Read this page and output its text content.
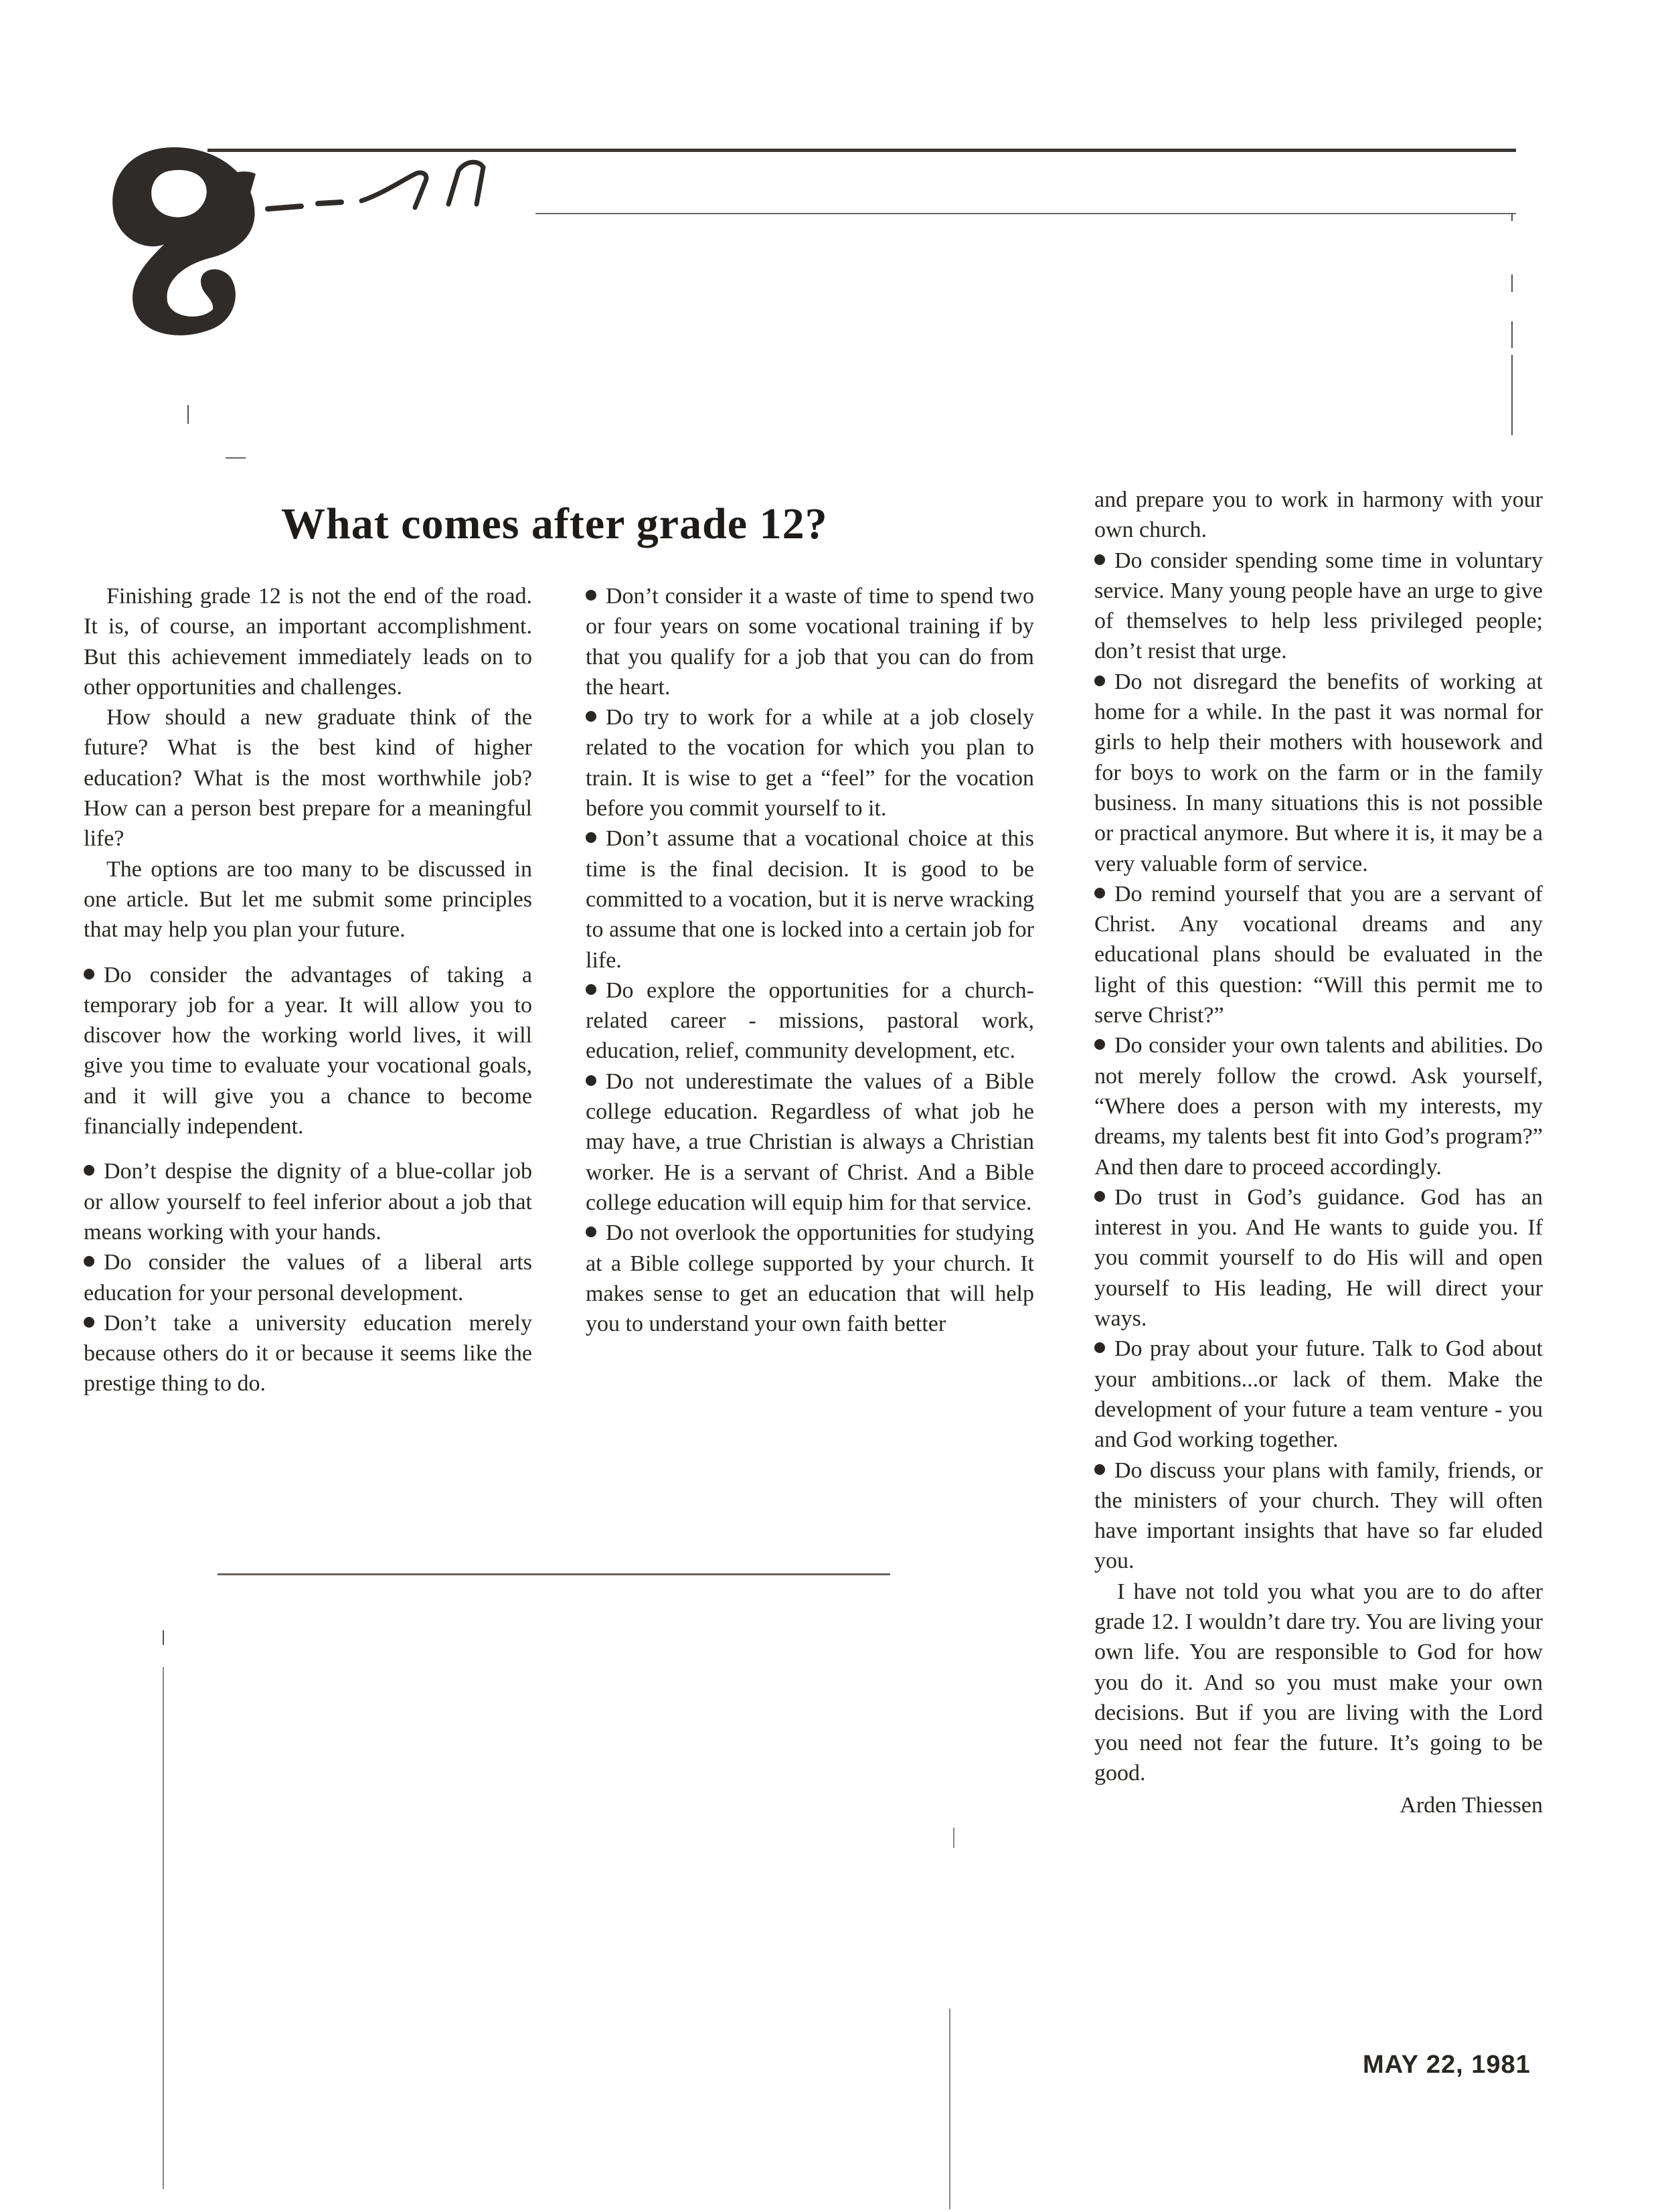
What comes after grade 12?

Finishing grade 12 is not the end of the road. It is, of course, an important accomplishment. But this achievement immediately leads on to other opportunities and challenges.

How should a new graduate think of the future? What is the best kind of higher education? What is the most worthwhile job? How can a person best prepare for a meaningful life?

The options are too many to be discussed in one article. But let me submit some principles that may help you plan your future.

Do consider the advantages of taking a temporary job for a year. It will allow you to discover how the working world lives, it will give you time to evaluate your vocational goals, and it will give you a chance to become financially independent.

Don’t despise the dignity of a blue-collar job or allow yourself to feel inferior about a job that means working with your hands.

Do consider the values of a liberal arts education for your personal development.

Don’t take a university education merely because others do it or because it seems like the prestige thing to do.

Don’t consider it a waste of time to spend two or four years on some vocational training if by that you qualify for a job that you can do from the heart.

Do try to work for a while at a job closely related to the vocation for which you plan to train. It is wise to get a “feel” for the vocation before you commit yourself to it.

Don’t assume that a vocational choice at this time is the final decision. It is good to be committed to a vocation, but it is nerve wracking to assume that one is locked into a certain job for life.

Do explore the opportunities for a church-related career - missions, pastoral work, education, relief, community development, etc.

Do not underestimate the values of a Bible college education. Regardless of what job he may have, a true Christian is always a Christian worker. He is a servant of Christ. And a Bible college education will equip him for that service.

Do not overlook the opportunities for studying at a Bible college supported by your church. It makes sense to get an education that will help you to understand your own faith better

and prepare you to work in harmony with your own church.

Do consider spending some time in voluntary service. Many young people have an urge to give of themselves to help less privileged people; don’t resist that urge.

Do not disregard the benefits of working at home for a while. In the past it was normal for girls to help their mothers with housework and for boys to work on the farm or in the family business. In many situations this is not possible or practical anymore. But where it is, it may be a very valuable form of service.

Do remind yourself that you are a servant of Christ. Any vocational dreams and any educational plans should be evaluated in the light of this question: “Will this permit me to serve Christ?”

Do consider your own talents and abilities. Do not merely follow the crowd. Ask yourself, “Where does a person with my interests, my dreams, my talents best fit into God’s program?” And then dare to proceed accordingly.

Do trust in God’s guidance. God has an interest in you. And He wants to guide you. If you commit yourself to do His will and open yourself to His leading, He will direct your ways.

Do pray about your future. Talk to God about your ambitions...or lack of them. Make the development of your future a team venture - you and God working together.

Do discuss your plans with family, friends, or the ministers of your church. They will often have important insights that have so far eluded you.

I have not told you what you are to do after grade 12. I wouldn’t dare try. You are living your own life. You are responsible to God for how you do it. And so you must make your own decisions. But if you are living with the Lord you need not fear the future. It’s going to be good.

Arden Thiessen

MAY 22, 1981
